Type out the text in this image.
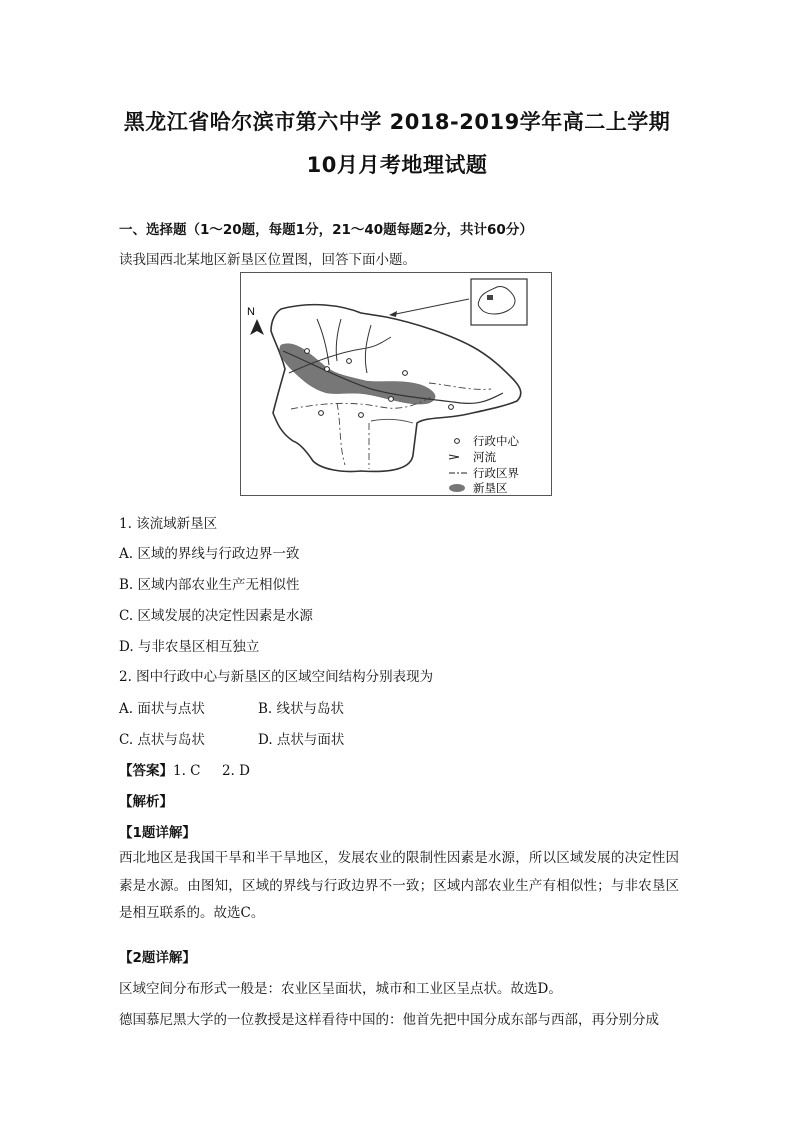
黑龙江省哈尔滨市第六中学 2018-2019学年高二上学期
10月月考地理试题
一、选择题（1～20题，每题1分，21～40题每题2分，共计60分）
读我国西北某地区新垦区位置图，回答下面小题。
N
行政中心
河流
行政区界
新垦区
1. 该流域新垦区
A. 区域的界线与行政边界一致
B. 区域内部农业生产无相似性
C. 区域发展的决定性因素是水源
D. 与非农垦区相互独立
2. 图中行政中心与新垦区的区域空间结构分别表现为
A. 面状与点状	B. 线状与岛状
C. 点状与岛状	D. 点状与面状
【答案】1. C     2. D
【解析】
【1题详解】
西北地区是我国干旱和半干旱地区，发展农业的限制性因素是水源，所以区域发展的决定性因素是水源。由图知，区域的界线与行政边界不一致；区域内部农业生产有相似性；与非农垦区是相互联系的。故选C。
【2题详解】
区域空间分布形式一般是：农业区呈面状，城市和工业区呈点状。故选D。
德国慕尼黑大学的一位教授是这样看待中国的：他首先把中国分成东部与西部，再分别分成
